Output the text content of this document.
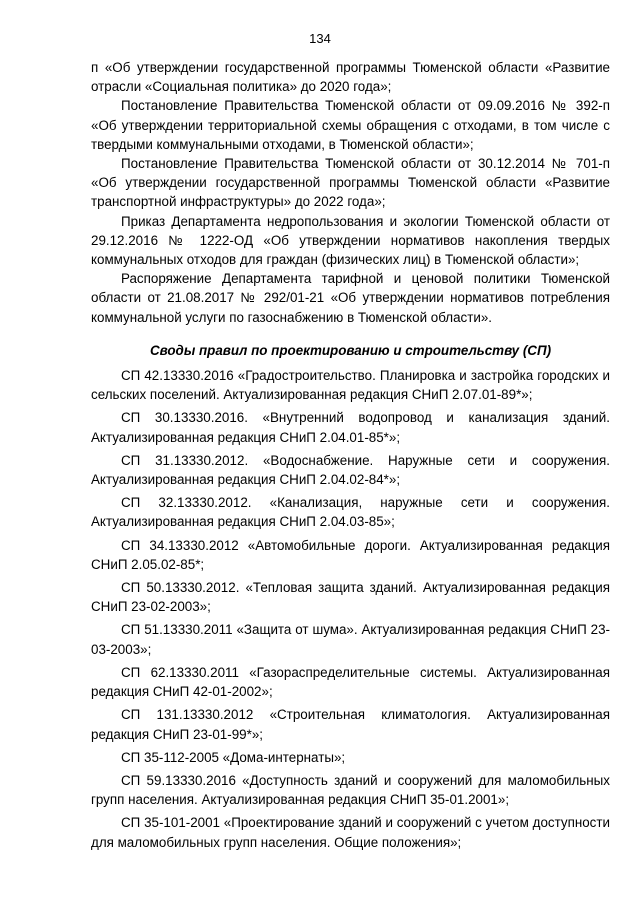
134

п «Об утверждении государственной программы Тюменской области «Развитие отрасли «Социальная политика» до 2020 года»;

Постановление Правительства Тюменской области от 09.09.2016 № 392-п «Об утверждении территориальной схемы обращения с отходами, в том числе с твердыми коммунальными отходами, в Тюменской области»;

Постановление Правительства Тюменской области от 30.12.2014 № 701-п «Об утверждении государственной программы Тюменской области «Развитие транспортной инфраструктуры» до 2022 года»;

Приказ Департамента недропользования и экологии Тюменской области от 29.12.2016 № 1222-ОД «Об утверждении нормативов накопления твердых коммунальных отходов для граждан (физических лиц) в Тюменской области»;

Распоряжение Департамента тарифной и ценовой политики Тюменской области от 21.08.2017 № 292/01-21 «Об утверждении нормативов потребления коммунальной услуги по газоснабжению в Тюменской области».

Своды правил по проектированию и строительству (СП)

СП 42.13330.2016 «Градостроительство. Планировка и застройка городских и сельских поселений. Актуализированная редакция СНиП 2.07.01-89*»;

СП 30.13330.2016. «Внутренний водопровод и канализация зданий. Актуализированная редакция СНиП 2.04.01-85*»;

СП 31.13330.2012. «Водоснабжение. Наружные сети и сооружения. Актуализированная редакция СНиП 2.04.02-84*»;

СП 32.13330.2012. «Канализация, наружные сети и сооружения. Актуализированная редакция СНиП 2.04.03-85»;

СП 34.13330.2012 «Автомобильные дороги. Актуализированная редакция СНиП 2.05.02-85*;

СП 50.13330.2012. «Тепловая защита зданий. Актуализированная редакция СНиП 23-02-2003»;

СП 51.13330.2011 «Защита от шума». Актуализированная редакция СНиП 23-03-2003»;

СП 62.13330.2011 «Газораспределительные системы. Актуализированная редакция СНиП 42-01-2002»;

СП 131.13330.2012 «Строительная климатология. Актуализированная редакция СНиП 23-01-99*»;

СП 35-112-2005 «Дома-интернаты»;

СП 59.13330.2016 «Доступность зданий и сооружений для маломобильных групп населения. Актуализированная редакция СНиП 35-01.2001»;

СП 35-101-2001 «Проектирование зданий и сооружений с учетом доступности для маломобильных групп населения. Общие положения»;
